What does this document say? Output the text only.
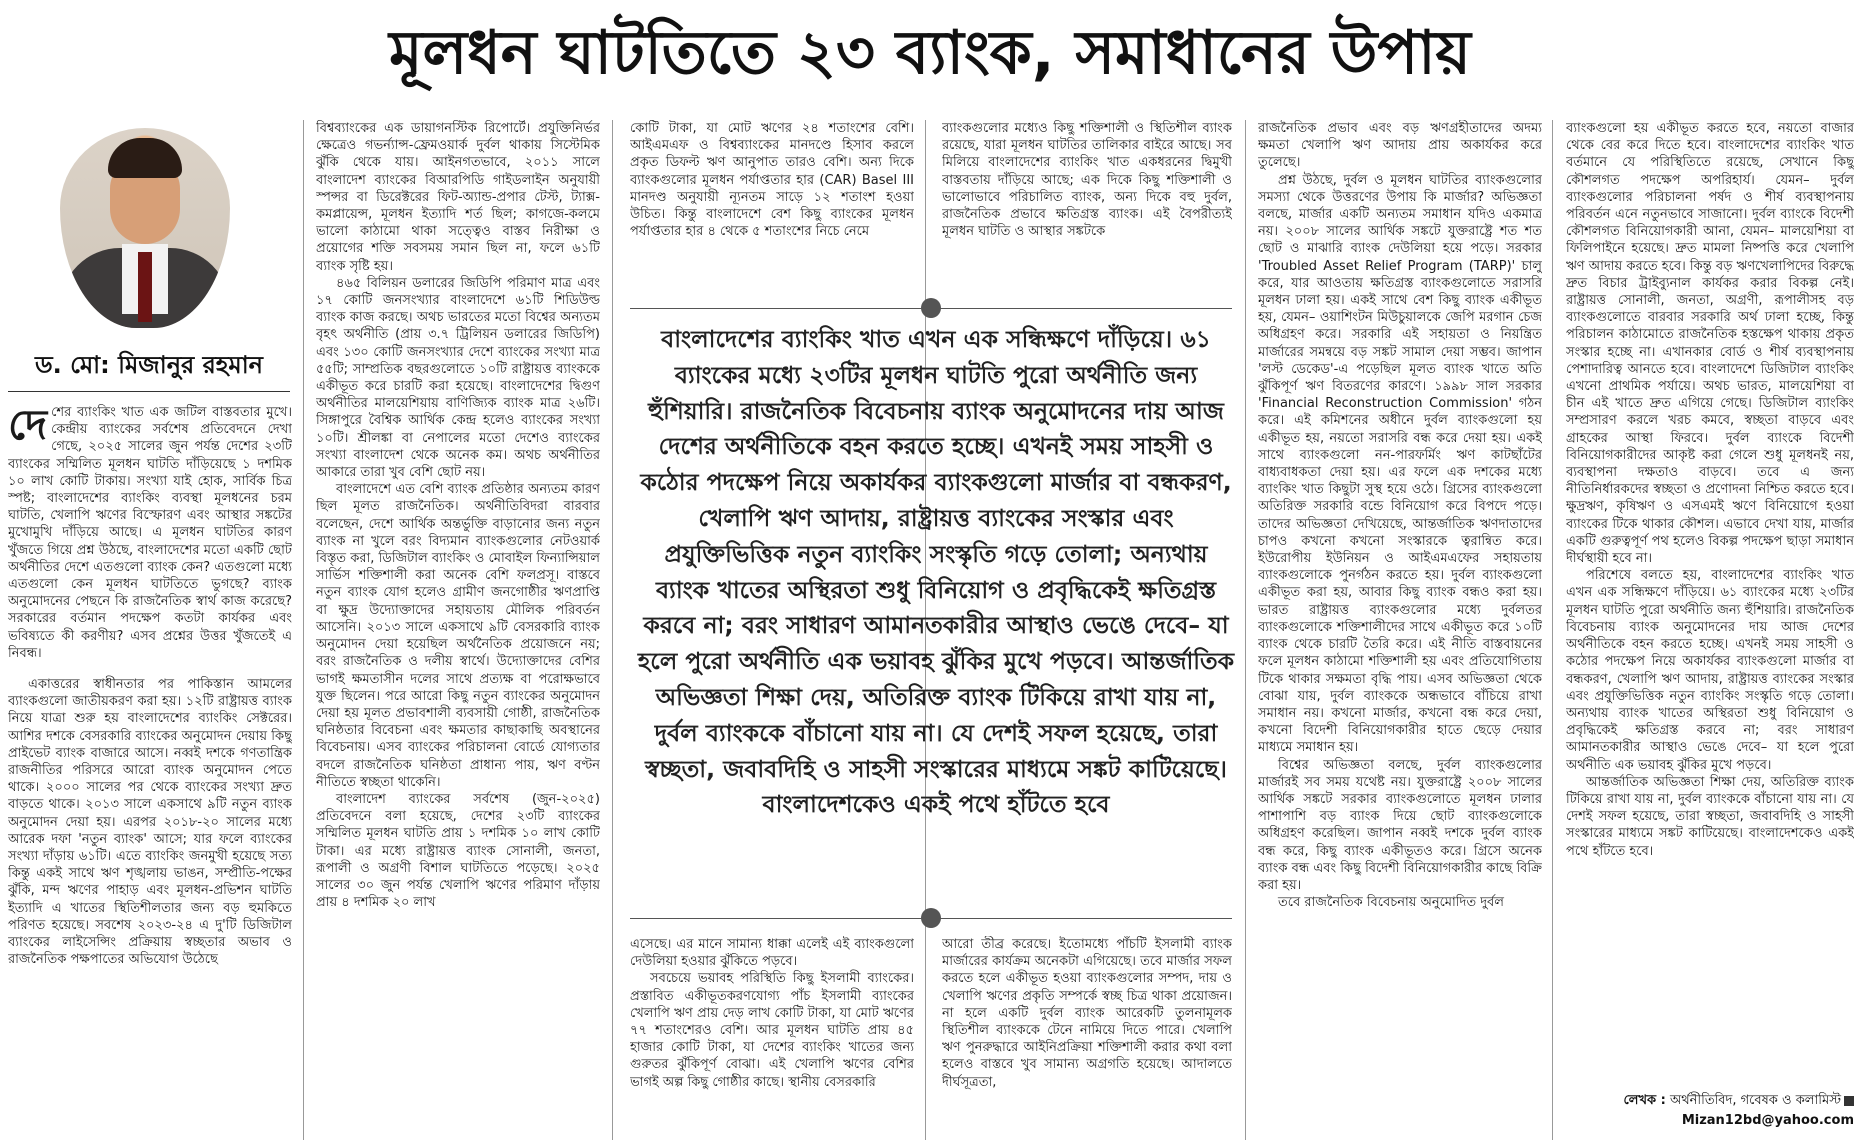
মূলধন ঘাটতিতে ২৩ ব্যাংক, সমাধানের উপায়
ড. মো: মিজানুর রহমান

দেশের ব্যাংকিং খাত এক জটিল বাস্তবতার মুখে। কেন্দ্রীয় ব্যাংকের সর্বশেষ প্রতিবেদনে দেখা গেছে, ২০২৫ সালের জুন পর্যন্ত দেশের ২৩টি ব্যাংকের সম্মিলিত মূলধন ঘাটতি দাঁড়িয়েছে ১ দশমিক ১০ লাখ কোটি টাকায়। সংখ্যা যাই হোক, সার্বিক চিত্র স্পষ্ট; বাংলাদেশের ব্যাংকিং ব্যবস্থা মূলধনের চরম ঘাটতি, খেলাপি ঋণের বিস্ফোরণ এবং আস্থার সঙ্কটের মুখোমুখি দাঁড়িয়ে আছে। এ মূলধন ঘাটতির কারণ খুঁজতে গিয়ে প্রশ্ন উঠছে, বাংলাদেশের মতো একটি ছোট অর্থনীতির দেশে এতগুলো ব্যাংক কেন? এতগুলো মধ্যে এতগুলো কেন মূলধন ঘাটতিতে ভুগছে? ব্যাংক অনুমোদনের পেছনে কি রাজনৈতিক স্বার্থ কাজ করেছে? সরকারের বর্তমান পদক্ষেপ কতটা কার্যকর এবং ভবিষ্যতে কী করণীয়? এসব প্রশ্নের উত্তর খুঁজতেই এ নিবন্ধ।

একাত্তরের স্বাধীনতার পর পাকিস্তান আমলের ব্যাংকগুলো জাতীয়করণ করা হয়। ১২টি রাষ্ট্রায়ত্ত ব্যাংক নিয়ে যাত্রা শুরু হয় বাংলাদেশের ব্যাংকিং সেক্টরের। আশির দশকে বেসরকারি ব্যাংকের অনুমোদন দেয়ায় কিছু প্রাইভেট ব্যাংক বাজারে আসে। নব্বই দশকে গণতান্ত্রিক রাজনীতির পরিসরে আরো ব্যাংক অনুমোদন পেতে থাকে। ২০০০ সালের পর থেকে ব্যাংকের সংখ্যা দ্রুত বাড়তে থাকে। ২০১৩ সালে একসাথে ৯টি নতুন ব্যাংক অনুমোদন দেয়া হয়। এরপর ২০১৮-২০ সালের মধ্যে আরেক দফা 'নতুন ব্যাংক' আসে; যার ফলে ব্যাংকের সংখ্যা দাঁড়ায় ৬১টি। এতে ব্যাংকিং জনমুখী হয়েছে সত্য কিন্তু একই সাথে ঋণ শৃঙ্খলায় ভাঙন, সম্প্রীতি-পক্ষের ঝুঁকি, মন্দ ঋণের পাহাড় এবং মূলধন-প্রভিশন ঘাটতি ইত্যাদি এ খাতের স্থিতিশীলতার জন্য বড় হুমকিতে পরিণত হয়েছে। সবশেষ ২০২৩-২৪ এ দু'টি ডিজিটাল ব্যাংকের লাইসেন্সিং প্রক্রিয়ায় স্বচ্ছতার অভাব ও রাজনৈতিক পক্ষপাতের অভিযোগ উঠেছে

বিশ্বব্যাংকের এক ডায়াগনস্টিক রিপোর্টে। প্রযুক্তিনির্ভর ক্ষেত্রেও গভর্ন্যান্স-ফ্রেমওয়ার্ক দুর্বল থাকায় সিস্টেমিক ঝুঁকি থেকে যায়। আইনগতভাবে, ২০১১ সালে বাংলাদেশ ব্যাংকের বিআরপিডি গাইডলাইন অনুযায়ী স্পন্সর বা ডিরেক্টরের ফিট-অ্যান্ড-প্রপার টেস্ট, ট্যাক্স-কমপ্লায়েন্স, মূলধন ইত্যাদি শর্ত ছিল; কাগজে-কলমে ভালো কাঠামো থাকা সত্ত্বেও বাস্তব নিরীক্ষা ও প্রয়োগের শক্তি সবসময় সমান ছিল না, ফলে ৬১টি ব্যাংক সৃষ্টি হয়।

৪৬৫ বিলিয়ন ডলারের জিডিপি পরিমাণ মাত্র এবং ১৭ কোটি জনসংখ্যার বাংলাদেশে ৬১টি শিডিউল্ড ব্যাংক কাজ করছে। অথচ ভারতের মতো বিশ্বের অন্যতম বৃহৎ অর্থনীতি (প্রায় ৩.৭ ট্রিলিয়ন ডলারের জিডিপি) এবং ১৩০ কোটি জনসংখ্যার দেশে ব্যাংকের সংখ্যা মাত্র ৫৫টি; সাম্প্রতিক বছরগুলোতে ১০টি রাষ্ট্রায়ত্ত ব্যাংককে একীভূত করে চারটি করা হয়েছে। বাংলাদেশের দ্বিগুণ অর্থনীতির মালয়েশিয়ায় বাণিজ্যিক ব্যাংক মাত্র ২৬টি। সিঙ্গাপুরে বৈশ্বিক আর্থিক কেন্দ্র হলেও ব্যাংকের সংখ্যা ১০টি। শ্রীলঙ্কা বা নেপালের মতো দেশেও ব্যাংকের সংখ্যা বাংলাদেশ থেকে অনেক কম। অথচ অর্থনীতির আকারে তারা খুব বেশি ছোট নয়।

বাংলাদেশে এত বেশি ব্যাংক প্রতিষ্ঠার অন্যতম কারণ ছিল মূলত রাজনৈতিক। অর্থনীতিবিদরা বারবার বলেছেন, দেশে আর্থিক অন্তর্ভুক্তি বাড়ানোর জন্য নতুন ব্যাংক না খুলে বরং বিদ্যমান ব্যাংকগুলোর নেটওয়ার্ক বিস্তৃত করা, ডিজিটাল ব্যাংকিং ও মোবাইল ফিন্যান্সিয়াল সার্ভিস শক্তিশালী করা অনেক বেশি ফলপ্রসূ। বাস্তবে নতুন ব্যাংক যোগ হলেও গ্রামীণ জনগোষ্ঠীর ঋণপ্রাপ্তি বা ক্ষুদ্র উদ্যোক্তাদের সহায়তায় মৌলিক পরিবর্তন আসেনি। ২০১৩ সালে একসাথে ৯টি বেসরকারি ব্যাংক অনুমোদন দেয়া হয়েছিল অর্থনৈতিক প্রয়োজনে নয়; বরং রাজনৈতিক ও দলীয় স্বার্থে। উদ্যোক্তাদের বেশির ভাগই ক্ষমতাসীন দলের সাথে প্রত্যক্ষ বা পরোক্ষভাবে যুক্ত ছিলেন। পরে আরো কিছু নতুন ব্যাংকের অনুমোদন দেয়া হয় মূলত প্রভাবশালী ব্যবসায়ী গোষ্ঠী, রাজনৈতিক ঘনিষ্ঠতার বিবেচনা এবং ক্ষমতার কাছাকাছি অবস্থানের বিবেচনায়। এসব ব্যাংকের পরিচালনা বোর্ডে যোগ্যতার বদলে রাজনৈতিক ঘনিষ্ঠতা প্রাধান্য পায়, ঋণ বণ্টন নীতিতে স্বচ্ছতা থাকেনি।

বাংলাদেশ ব্যাংকের সর্বশেষ (জুন-২০২৫) প্রতিবেদনে বলা হয়েছে, দেশের ২৩টি ব্যাংকের সম্মিলিত মূলধন ঘাটতি প্রায় ১ দশমিক ১০ লাখ কোটি টাকা। এর মধ্যে রাষ্ট্রায়ত্ত ব্যাংক সোনালী, জনতা, রূপালী ও অগ্রণী বিশাল ঘাটতিতে পড়েছে। ২০২৫ সালের ৩০ জুন পর্যন্ত খেলাপি ঋণের পরিমাণ দাঁড়ায় প্রায় ৪ দশমিক ২০ লাখ

কোটি টাকা, যা মোট ঋণের ২৪ শতাংশের বেশি। আইএমএফ ও বিশ্বব্যাংকের মানদণ্ডে হিসাব করলে প্রকৃত ডিফল্ট ঋণ আনুপাত তারও বেশি। অন্য দিকে ব্যাংকগুলোর মূলধন পর্যাপ্ততার হার (CAR) Basel III মানদণ্ড অনুযায়ী ন্যূনতম সাড়ে ১২ শতাংশ হওয়া উচিত। কিন্তু বাংলাদেশে বেশ কিছু ব্যাংকের মূলধন পর্যাপ্ততার হার ৪ থেকে ৫ শতাংশের নিচে নেমে

ব্যাংকগুলোর মধ্যেও কিছু শক্তিশালী ও স্থিতিশীল ব্যাংক রয়েছে, যারা মূলধন ঘাটতির তালিকার বাইরে আছে। সব মিলিয়ে বাংলাদেশের ব্যাংকিং খাত একধরনের দ্বিমুখী বাস্তবতায় দাঁড়িয়ে আছে; এক দিকে কিছু শক্তিশালী ও ভালোভাবে পরিচালিত ব্যাংক, অন্য দিকে বহু দুর্বল, রাজনৈতিক প্রভাবে ক্ষতিগ্রস্ত ব্যাংক। এই বৈপরীত্যই মূলধন ঘাটতি ও আস্থার সঙ্কটকে

বাংলাদেশের ব্যাংকিং খাত এখন এক সন্ধিক্ষণে দাঁড়িয়ে। ৬১ ব্যাংকের মধ্যে ২৩টির মূলধন ঘাটতি পুরো অর্থনীতি জন্য হুঁশিয়ারি। রাজনৈতিক বিবেচনায় ব্যাংক অনুমোদনের দায় আজ দেশের অর্থনীতিকে বহন করতে হচ্ছে। এখনই সময় সাহসী ও কঠোর পদক্ষেপ নিয়ে অকার্যকর ব্যাংকগুলো মার্জার বা বন্ধকরণ, খেলাপি ঋণ আদায়, রাষ্ট্রায়ত্ত ব্যাংকের সংস্কার এবং প্রযুক্তিভিত্তিক নতুন ব্যাংকিং সংস্কৃতি গড়ে তোলা; অন্যথায় ব্যাংক খাতের অস্থিরতা শুধু বিনিয়োগ ও প্রবৃদ্ধিকেই ক্ষতিগ্রস্ত করবে না; বরং সাধারণ আমানতকারীর আস্থাও ভেঙে দেবে– যা হলে পুরো অর্থনীতি এক ভয়াবহ ঝুঁকির মুখে পড়বে। আন্তর্জাতিক অভিজ্ঞতা শিক্ষা দেয়, অতিরিক্ত ব্যাংক টিকিয়ে রাখা যায় না, দুর্বল ব্যাংককে বাঁচানো যায় না। যে দেশই সফল হয়েছে, তারা স্বচ্ছতা, জবাবদিহি ও সাহসী সংস্কারের মাধ্যমে সঙ্কট কাটিয়েছে। বাংলাদেশকেও একই পথে হাঁটতে হবে

এসেছে। এর মানে সামান্য ধাক্কা এলেই এই ব্যাংকগুলো দেউলিয়া হওয়ার ঝুঁকিতে পড়বে।

সবচেয়ে ভয়াবহ পরিস্থিতি কিছু ইসলামী ব্যাংকের। প্রস্তাবিত একীভূতকরণযোগ্য পাঁচ ইসলামী ব্যাংকের খেলাপি ঋণ প্রায় দেড় লাখ কোটি টাকা, যা মোট ঋণের ৭৭ শতাংশেরও বেশি। আর মূলধন ঘাটতি প্রায় ৪৫ হাজার কোটি টাকা, যা দেশের ব্যাংকিং খাতের জন্য গুরুতর ঝুঁকিপূর্ণ বোঝা। এই খেলাপি ঋণের বেশির ভাগই অল্প কিছু গোষ্ঠীর কাছে। স্থানীয় বেসরকারি

আরো তীব্র করেছে। ইতোমধ্যে পাঁচটি ইসলামী ব্যাংক মার্জারের কার্যক্রম অনেকটা এগিয়েছে। তবে মার্জার সফল করতে হলে একীভূত হওয়া ব্যাংকগুলোর সম্পদ, দায় ও খেলাপি ঋণের প্রকৃতি সম্পর্কে স্বচ্ছ চিত্র থাকা প্রয়োজন। না হলে একটি দুর্বল ব্যাংক আরেকটি তুলনামূলক স্থিতিশীল ব্যাংককে টেনে নামিয়ে দিতে পারে। খেলাপি ঋণ পুনরুদ্ধারে আইনিপ্রক্রিয়া শক্তিশালী করার কথা বলা হলেও বাস্তবে খুব সামান্য অগ্রগতি হয়েছে। আদালতে দীর্ঘসূত্রতা,

রাজনৈতিক প্রভাব এবং বড় ঋণগ্রহীতাদের অদম্য ক্ষমতা খেলাপি ঋণ আদায় প্রায় অকার্যকর করে তুলেছে।

প্রশ্ন উঠছে, দুর্বল ও মূলধন ঘাটতির ব্যাংকগুলোর সমস্যা থেকে উত্তরণের উপায় কি মার্জার? অভিজ্ঞতা বলছে, মার্জার একটি অন্যতম সমাধান যদিও একমাত্র নয়। ২০০৮ সালের আর্থিক সঙ্কটে যুক্তরাষ্ট্রে শত শত ছোট ও মাঝারি ব্যাংক দেউলিয়া হয়ে পড়ে। সরকার 'Troubled Asset Relief Program (TARP)' চালু করে, যার আওতায় ক্ষতিগ্রস্ত ব্যাংকগুলোতে সরাসরি মূলধন ঢালা হয়। একই সাথে বেশ কিছু ব্যাংক একীভূত হয়, যেমন– ওয়াশিংটন মিউচুয়ালকে জেপি মরগান চেজ অধিগ্রহণ করে। সরকারি এই সহায়তা ও নিয়ন্ত্রিত মার্জারের সমন্বয়ে বড় সঙ্কট সামাল দেয়া সম্ভব। জাপান 'লস্ট ডেকেড'-এ পড়েছিল মূলত ব্যাংক খাতে অতি ঝুঁকিপূর্ণ ঋণ বিতরণের কারণে। ১৯৯৮ সাল সরকার 'Financial Reconstruction Commission' গঠন করে। এই কমিশনের অধীনে দুর্বল ব্যাংকগুলো হয় একীভূত হয়, নয়তো সরাসরি বন্ধ করে দেয়া হয়। একই সাথে ব্যাংকগুলো নন-পারফর্মিং ঋণ কাটছাঁটের বাধ্যবাধকতা দেয়া হয়। এর ফলে এক দশকের মধ্যে ব্যাংকিং খাত কিছুটা সুস্থ হয়ে ওঠে। গ্রিসের ব্যাংকগুলো অতিরিক্ত সরকারি বন্ডে বিনিয়োগ করে বিপদে পড়ে। তাদের অভিজ্ঞতা দেখিয়েছে, আন্তর্জাতিক ঋণদাতাদের চাপও কখনো কখনো সংস্কারকে ত্বরান্বিত করে। ইউরোপীয় ইউনিয়ন ও আইএমএফের সহায়তায় ব্যাংকগুলোকে পুনর্গঠন করতে হয়। দুর্বল ব্যাংকগুলো একীভূত করা হয়, আবার কিছু ব্যাংক বন্ধও করা হয়। ভারত রাষ্ট্রায়ত্ত ব্যাংকগুলোর মধ্যে দুর্বলতর ব্যাংকগুলোকে শক্তিশালীদের সাথে একীভূত করে ১০টি ব্যাংক থেকে চারটি তৈরি করে। এই নীতি বাস্তবায়নের ফলে মূলধন কাঠামো শক্তিশালী হয় এবং প্রতিযোগিতায় টিকে থাকার সক্ষমতা বৃদ্ধি পায়। এসব অভিজ্ঞতা থেকে বোঝা যায়, দুর্বল ব্যাংককে অন্ধভাবে বাঁচিয়ে রাখা সমাধান নয়। কখনো মার্জার, কখনো বন্ধ করে দেয়া, কখনো বিদেশী বিনিয়োগকারীর হাতে ছেড়ে দেয়ার মাধ্যমে সমাধান হয়।

বিশ্বের অভিজ্ঞতা বলছে, দুর্বল ব্যাংকগুলোর মার্জারই সব সময় যথেষ্ট নয়। যুক্তরাষ্ট্রে ২০০৮ সালের আর্থিক সঙ্কটে সরকার ব্যাংকগুলোতে মূলধন ঢালার পাশাপাশি বড় ব্যাংক দিয়ে ছোট ব্যাংকগুলোকে অধিগ্রহণ করেছিল। জাপান নব্বই দশকে দুর্বল ব্যাংক বন্ধ করে, কিছু ব্যাংক একীভূতও করে। গ্রিসে অনেক ব্যাংক বন্ধ এবং কিছু বিদেশী বিনিয়োগকারীর কাছে বিক্রি করা হয়।

তবে রাজনৈতিক বিবেচনায় অনুমোদিত দুর্বল

ব্যাংকগুলো হয় একীভূত করতে হবে, নয়তো বাজার থেকে বের করে দিতে হবে। বাংলাদেশের ব্যাংকিং খাত বর্তমানে যে পরিস্থিতিতে রয়েছে, সেখানে কিছু কৌশলগত পদক্ষেপ অপরিহার্য। যেমন– দুর্বল ব্যাংকগুলোর পরিচালনা পর্ষদ ও শীর্ষ ব্যবস্থাপনায় পরিবর্তন এনে নতুনভাবে সাজানো। দুর্বল ব্যাংকে বিদেশী কৌশলগত বিনিয়োগকারী আনা, যেমন– মালয়েশিয়া বা ফিলিপাইনে হয়েছে। দ্রুত মামলা নিষ্পত্তি করে খেলাপি ঋণ আদায় করতে হবে। কিন্তু বড় ঋণখেলাপিদের বিরুদ্ধে দ্রুত বিচার ট্রাইব্যুনাল কার্যকর করার বিকল্প নেই। রাষ্ট্রায়ত্ত সোনালী, জনতা, অগ্রণী, রূপালীসহ বড় ব্যাংকগুলোতে বারবার সরকারি অর্থ ঢালা হচ্ছে, কিন্তু পরিচালন কাঠামোতে রাজনৈতিক হস্তক্ষেপ থাকায় প্রকৃত সংস্কার হচ্ছে না। এখানকার বোর্ড ও শীর্ষ ব্যবস্থাপনায় পেশাদারিত্ব আনতে হবে। বাংলাদেশে ডিজিটাল ব্যাংকিং এখনো প্রাথমিক পর্যায়ে। অথচ ভারত, মালয়েশিয়া বা চীন এই খাতে দ্রুত এগিয়ে গেছে। ডিজিটাল ব্যাংকিং সম্প্রসারণ করলে খরচ কমবে, স্বচ্ছতা বাড়বে এবং গ্রাহকের আস্থা ফিরবে। দুর্বল ব্যাংকে বিদেশী বিনিয়োগকারীদের আকৃষ্ট করা গেলে শুধু মূলধনই নয়, ব্যবস্থাপনা দক্ষতাও বাড়বে। তবে এ জন্য নীতিনির্ধারকদের স্বচ্ছতা ও প্রণোদনা নিশ্চিত করতে হবে। ক্ষুদ্রঋণ, কৃষিঋণ ও এসএমই ঋণে বিনিয়োগে হওয়া ব্যাংকের টিকে থাকার কৌশল। এভাবে দেখা যায়, মার্জার একটি গুরুত্বপূর্ণ পথ হলেও বিকল্প পদক্ষেপ ছাড়া সমাধান দীর্ঘস্থায়ী হবে না।

পরিশেষে বলতে হয়, বাংলাদেশের ব্যাংকিং খাত এখন এক সন্ধিক্ষণে দাঁড়িয়ে। ৬১ ব্যাংকের মধ্যে ২৩টির মূলধন ঘাটতি পুরো অর্থনীতি জন্য হুঁশিয়ারি। রাজনৈতিক বিবেচনায় ব্যাংক অনুমোদনের দায় আজ দেশের অর্থনীতিকে বহন করতে হচ্ছে। এখনই সময় সাহসী ও কঠোর পদক্ষেপ নিয়ে অকার্যকর ব্যাংকগুলো মার্জার বা বন্ধকরণ, খেলাপি ঋণ আদায়, রাষ্ট্রায়ত্ত ব্যাংকের সংস্কার এবং প্রযুক্তিভিত্তিক নতুন ব্যাংকিং সংস্কৃতি গড়ে তোলা। অন্যথায় ব্যাংক খাতের অস্থিরতা শুধু বিনিয়োগ ও প্রবৃদ্ধিকেই ক্ষতিগ্রস্ত করবে না; বরং সাধারণ আমানতকারীর আস্থাও ভেঙে দেবে– যা হলে পুরো অর্থনীতি এক ভয়াবহ ঝুঁকির মুখে পড়বে।

আন্তর্জাতিক অভিজ্ঞতা শিক্ষা দেয়, অতিরিক্ত ব্যাংক টিকিয়ে রাখা যায় না, দুর্বল ব্যাংককে বাঁচানো যায় না। যে দেশই সফল হয়েছে, তারা স্বচ্ছতা, জবাবদিহি ও সাহসী সংস্কারের মাধ্যমে সঙ্কট কাটিয়েছে। বাংলাদেশকেও একই পথে হাঁটতে হবে।

লেখক : অর্থনীতিবিদ, গবেষক ও কলামিস্ট
Mizan12bd@yahoo.com
